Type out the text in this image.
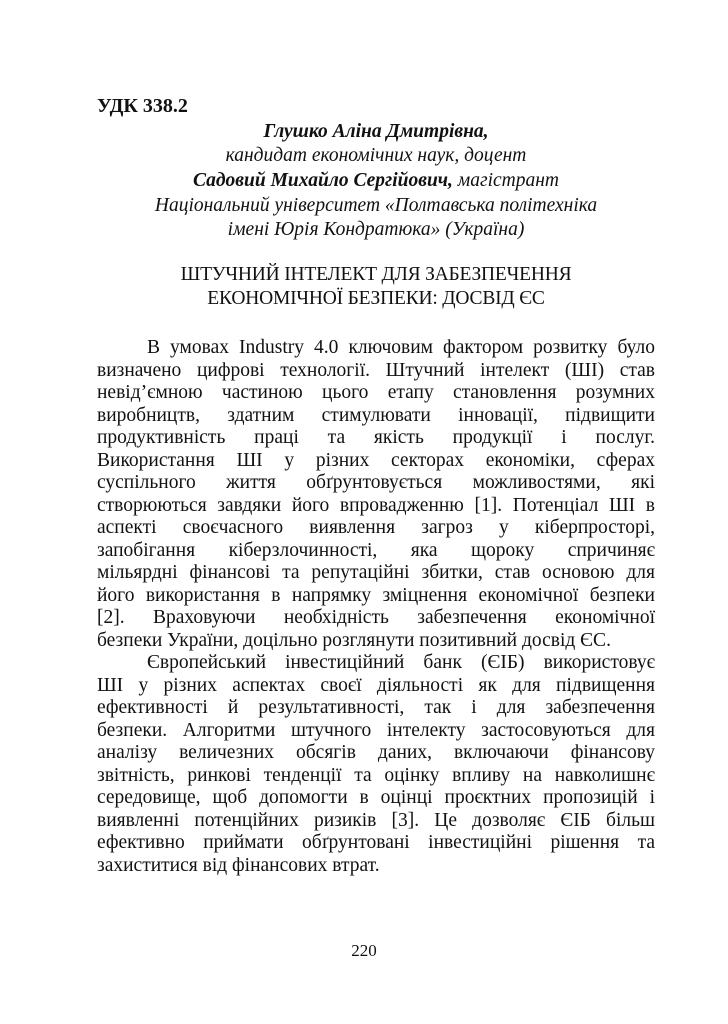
УДК 338.2
Глушко Аліна Дмитрівна,
кандидат економічних наук, доцент
Садовий Михайло Сергійович, магістрант
Національний університет «Полтавська політехніка
імені Юрія Кондратюка» (Україна)
ШТУЧНИЙ ІНТЕЛЕКТ ДЛЯ ЗАБЕЗПЕЧЕННЯ
ЕКОНОМІЧНОЇ БЕЗПЕКИ: ДОСВІД ЄС
В умовах Industry 4.0 ключовим фактором розвитку було
визначено цифрові технології. Штучний інтелект (ШІ) став
невід’ємною частиною цього етапу становлення розумних
виробництв, здатним стимулювати інновації, підвищити
продуктивність праці та якість продукції і послуг.
Використання ШІ у різних секторах економіки, сферах
суспільного життя обґрунтовується можливостями, які
створюються завдяки його впровадженню [1]. Потенціал ШІ в
аспекті своєчасного виявлення загроз у кіберпросторі,
запобігання кіберзлочинності, яка щороку спричиняє
мільярдні фінансові та репутаційні збитки, став основою для
його використання в напрямку зміцнення економічної безпеки
[2]. Враховуючи необхідність забезпечення економічної
безпеки України, доцільно розглянути позитивний досвід ЄС.
Європейський інвестиційний банк (ЄІБ) використовує
ШІ у різних аспектах своєї діяльності як для підвищення
ефективності й результативності, так і для забезпечення
безпеки. Алгоритми штучного інтелекту застосовуються для
аналізу величезних обсягів даних, включаючи фінансову
звітність, ринкові тенденції та оцінку впливу на навколишнє
середовище, щоб допомогти в оцінці проєктних пропозицій і
виявленні потенційних ризиків [3]. Це дозволяє ЄІБ більш
ефективно приймати обґрунтовані інвестиційні рішення та
захиститися від фінансових втрат.
220
